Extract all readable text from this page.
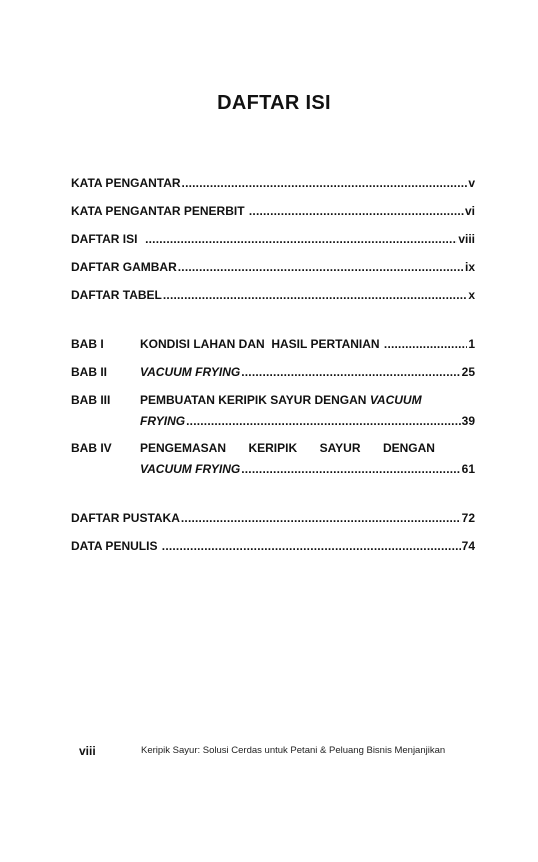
DAFTAR ISI
KATA PENGANTAR .....	v
KATA PENGANTAR PENERBIT .....	vi
DAFTAR ISI .....	viii
DAFTAR GAMBAR .....	ix
DAFTAR TABEL .....	x
BAB I	KONDISI LAHAN DAN  HASIL PERTANIAN .....	1
BAB II	VACUUM FRYING .....	25
BAB III PEMBUATAN KERIPIK SAYUR DENGAN VACUUM
FRYING .....	39
BAB IV PENGEMASAN KERIPIK SAYUR DENGAN
VACUUM FRYING .....	61
DAFTAR PUSTAKA .....	72
DATA PENULIS .....	74
viii	Keripik Sayur: Solusi Cerdas untuk Petani & Peluang Bisnis Menjanjikan
